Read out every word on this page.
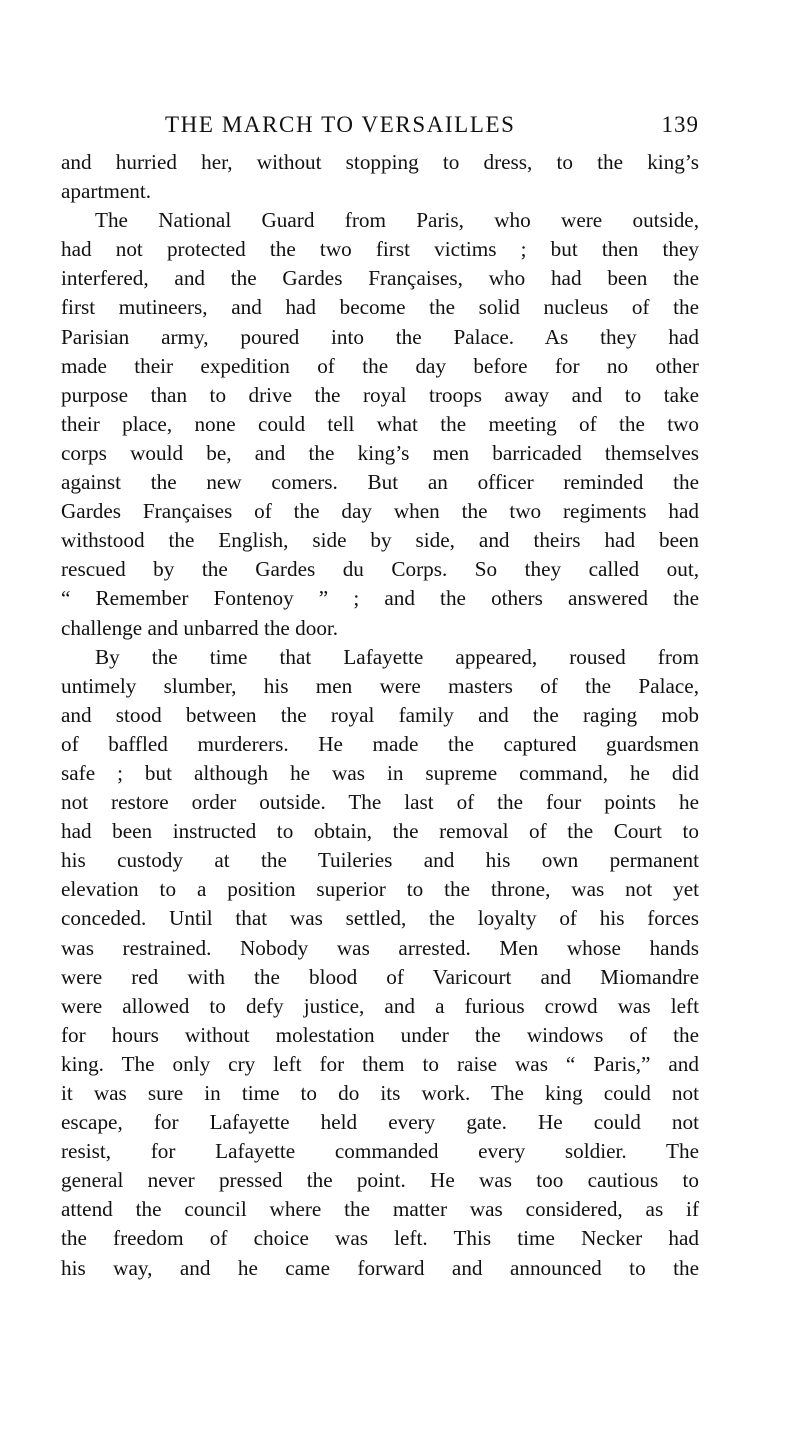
THE MARCH TO VERSAILLES	139
and hurried her, without stopping to dress, to the king’s
apartment.
The National Guard from Paris, who were outside,
had not protected the two first victims ; but then they
interfered, and the Gardes Françaises, who had been the
first mutineers, and had become the solid nucleus of the
Parisian army, poured into the Palace. As they had
made their expedition of the day before for no other
purpose than to drive the royal troops away and to take
their place, none could tell what the meeting of the two
corps would be, and the king’s men barricaded themselves
against the new comers. But an officer reminded the
Gardes Françaises of the day when the two regiments had
withstood the English, side by side, and theirs had been
rescued by the Gardes du Corps. So they called out,
“ Remember Fontenoy ” ; and the others answered the
challenge and unbarred the door.
By the time that Lafayette appeared, roused from
untimely slumber, his men were masters of the Palace,
and stood between the royal family and the raging mob
of baffled murderers. He made the captured guardsmen
safe ; but although he was in supreme command, he did
not restore order outside. The last of the four points he
had been instructed to obtain, the removal of the Court to
his custody at the Tuileries and his own permanent
elevation to a position superior to the throne, was not yet
conceded. Until that was settled, the loyalty of his forces
was restrained. Nobody was arrested. Men whose hands
were red with the blood of Varicourt and Miomandre
were allowed to defy justice, and a furious crowd was left
for hours without molestation under the windows of the
king. The only cry left for them to raise was “ Paris,” and
it was sure in time to do its work. The king could not
escape, for Lafayette held every gate. He could not
resist, for Lafayette commanded every soldier. The
general never pressed the point. He was too cautious to
attend the council where the matter was considered, as if
the freedom of choice was left. This time Necker had
his way, and he came forward and announced to the
